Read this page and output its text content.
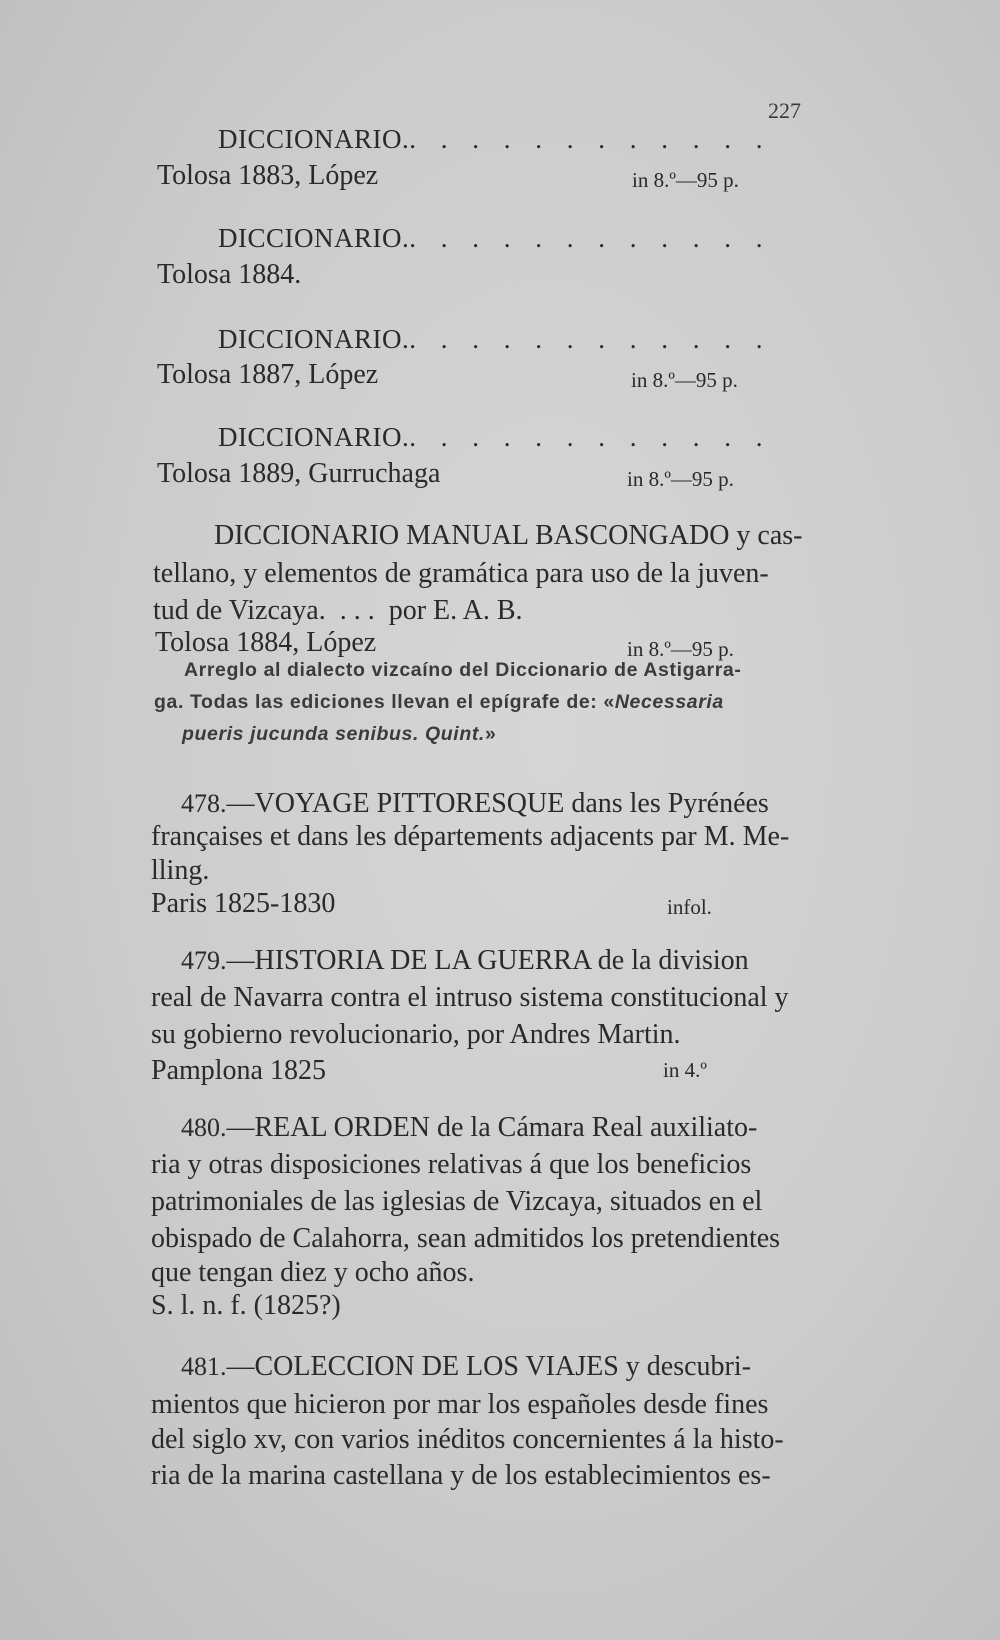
227
DICCIONARIO.. . . . . . . . . . . .
Tolosa 1883, López	in 8.º—95 p.
DICCIONARIO.. . . . . . . . . . . .
Tolosa 1884.
DICCIONARIO.. . . . . . . . . . . .
Tolosa 1887, López	in 8.º—95 p.
DICCIONARIO.. . . . . . . . . . . .
Tolosa 1889, Gurruchaga	in 8.º—95 p.
DICCIONARIO MANUAL BASCONGADO y cas-
tellano, y elementos de gramática para uso de la juven-
tud de Vizcaya.  . . .  por E. A. B.
Tolosa 1884, López	in 8.º—95 p.
Arreglo al dialecto vizcaíno del Diccionario de Astigarra-
ga. Todas las ediciones llevan el epígrafe de: «Necessaria
pueris jucunda senibus. Quint.»
478.—VOYAGE PITTORESQUE dans les Pyrénées
françaises et dans les départements adjacents par M. Me-
lling.
Paris 1825-1830	infol.
479.—HISTORIA DE LA GUERRA de la division
real de Navarra contra el intruso sistema constitucional y
su gobierno revolucionario, por Andres Martin.
Pamplona 1825	in 4.º
480.—REAL ORDEN de la Cámara Real auxiliato-
ria y otras disposiciones relativas á que los beneficios
patrimoniales de las iglesias de Vizcaya, situados en el
obispado de Calahorra, sean admitidos los pretendientes
que tengan diez y ocho años.
S. l. n. f. (1825?)
481.—COLECCION DE LOS VIAJES y descubri-
mientos que hicieron por mar los españoles desde fines
del siglo xv, con varios inéditos concernientes á la histo-
ria de la marina castellana y de los establecimientos es-
